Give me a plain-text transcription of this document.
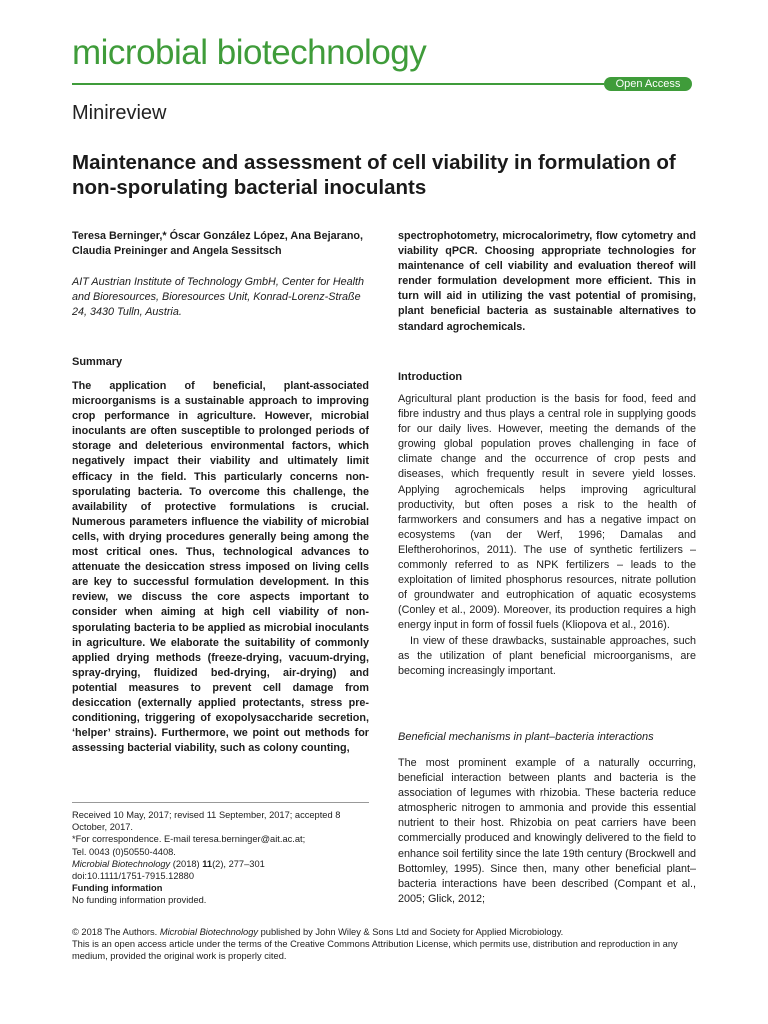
microbial biotechnology
Open Access
Minireview
Maintenance and assessment of cell viability in formulation of non-sporulating bacterial inoculants
Teresa Berninger,* Óscar González López, Ana Bejarano, Claudia Preininger and Angela Sessitsch
AIT Austrian Institute of Technology GmbH, Center for Health and Bioresources, Bioresources Unit, Konrad-Lorenz-Straße 24, 3430 Tulln, Austria.
Summary

The application of beneficial, plant-associated microorganisms is a sustainable approach to improving crop performance in agriculture. However, microbial inoculants are often susceptible to prolonged periods of storage and deleterious environmental factors, which negatively impact their viability and ultimately limit efficacy in the field. This particularly concerns non-sporulating bacteria. To overcome this challenge, the availability of protective formulations is crucial. Numerous parameters influence the viability of microbial cells, with drying procedures generally being among the most critical ones. Thus, technological advances to attenuate the desiccation stress imposed on living cells are key to successful formulation development. In this review, we discuss the core aspects important to consider when aiming at high cell viability of non-sporulating bacteria to be applied as microbial inoculants in agriculture. We elaborate the suitability of commonly applied drying methods (freeze-drying, vacuum-drying, spray-drying, fluidized bed-drying, air-drying) and potential measures to prevent cell damage from desiccation (externally applied protectants, stress pre-conditioning, triggering of exopolysaccharide secretion, ‘helper’ strains). Furthermore, we point out methods for assessing bacterial viability, such as colony counting,

spectrophotometry, microcalorimetry, flow cytometry and viability qPCR. Choosing appropriate technologies for maintenance of cell viability and evaluation thereof will render formulation development more efficient. This in turn will aid in utilizing the vast potential of promising, plant beneficial bacteria as sustainable alternatives to standard agrochemicals.

Introduction

Agricultural plant production is the basis for food, feed and fibre industry and thus plays a central role in supplying goods for our daily lives. However, meeting the demands of the growing global population proves challenging in face of climate change and the occurrence of crop pests and diseases, which frequently result in severe yield losses. Applying agrochemicals helps improving agricultural productivity, but often poses a risk to the health of farmworkers and consumers and has a negative impact on ecosystems (van der Werf, 1996; Damalas and Eleftherohorinos, 2011). The use of synthetic fertilizers – commonly referred to as NPK fertilizers – leads to the exploitation of limited phosphorus resources, nitrate pollution of groundwater and eutrophication of aquatic ecosystems (Conley et al., 2009). Moreover, its production requires a high energy input in form of fossil fuels (Kliopova et al., 2016).

In view of these drawbacks, sustainable approaches, such as the utilization of plant beneficial microorganisms, are becoming increasingly important.

Beneficial mechanisms in plant–bacteria interactions

The most prominent example of a naturally occurring, beneficial interaction between plants and bacteria is the association of legumes with rhizobia. These bacteria reduce atmospheric nitrogen to ammonia and provide this essential nutrient to their host. Rhizobia on peat carriers have been commercially produced and knowingly delivered to the field to enhance soil fertility since the late 19th century (Brockwell and Bottomley, 1995). Since then, many other beneficial plant–bacteria interactions have been described (Compant et al., 2005; Glick, 2012;

Received 10 May, 2017; revised 11 September, 2017; accepted 8 October, 2017.
*For correspondence. E-mail teresa.berninger@ait.ac.at;
Tel. 0043 (0)50550-4408.
Microbial Biotechnology (2018) 11(2), 277–301
doi:10.1111/1751-7915.12880
Funding information
No funding information provided.
© 2018 The Authors. Microbial Biotechnology published by John Wiley & Sons Ltd and Society for Applied Microbiology.
This is an open access article under the terms of the Creative Commons Attribution License, which permits use, distribution and reproduction in any medium, provided the original work is properly cited.
